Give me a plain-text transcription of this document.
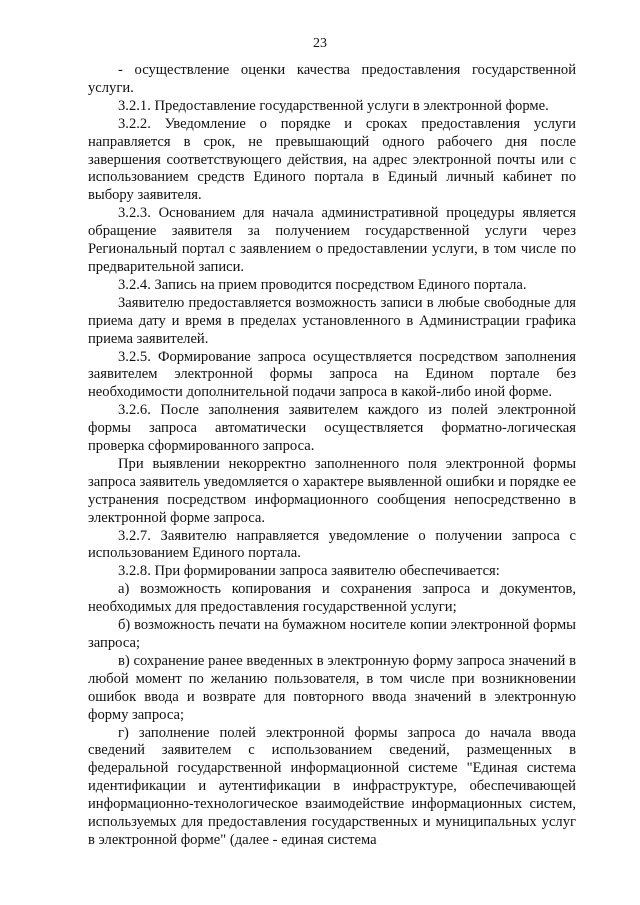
23

- осуществление оценки качества предоставления государственной услуги.

3.2.1. Предоставление государственной услуги в электронной форме.

3.2.2. Уведомление о порядке и сроках предоставления услуги направляется в срок, не превышающий одного рабочего дня после завершения соответствующего действия, на адрес электронной почты или с использованием средств Единого портала в Единый личный кабинет по выбору заявителя.

3.2.3. Основанием для начала административной процедуры является обращение заявителя за получением государственной услуги через Региональный портал с заявлением о предоставлении услуги, в том числе по предварительной записи.

3.2.4. Запись на прием проводится посредством Единого портала.

Заявителю предоставляется возможность записи в любые свободные для приема дату и время в пределах установленного в Администрации графика приема заявителей.

3.2.5. Формирование запроса осуществляется посредством заполнения заявителем электронной формы запроса на Едином портале без необходимости дополнительной подачи запроса в какой-либо иной форме.

3.2.6. После заполнения заявителем каждого из полей электронной формы запроса автоматически осуществляется форматно-логическая проверка сформированного запроса.

При выявлении некорректно заполненного поля электронной формы запроса заявитель уведомляется о характере выявленной ошибки и порядке ее устранения посредством информационного сообщения непосредственно в электронной форме запроса.

3.2.7. Заявителю направляется уведомление о получении запроса с использованием Единого портала.

3.2.8. При формировании запроса заявителю обеспечивается:

а) возможность копирования и сохранения запроса и документов, необходимых для предоставления государственной услуги;

б) возможность печати на бумажном носителе копии электронной формы запроса;

в) сохранение ранее введенных в электронную форму запроса значений в любой момент по желанию пользователя, в том числе при возникновении ошибок ввода и возврате для повторного ввода значений в электронную форму запроса;

г) заполнение полей электронной формы запроса до начала ввода сведений заявителем с использованием сведений, размещенных в федеральной государственной информационной системе "Единая система идентификации и аутентификации в инфраструктуре, обеспечивающей информационно-технологическое взаимодействие информационных систем, используемых для предоставления государственных и муниципальных услуг в электронной форме" (далее - единая система
